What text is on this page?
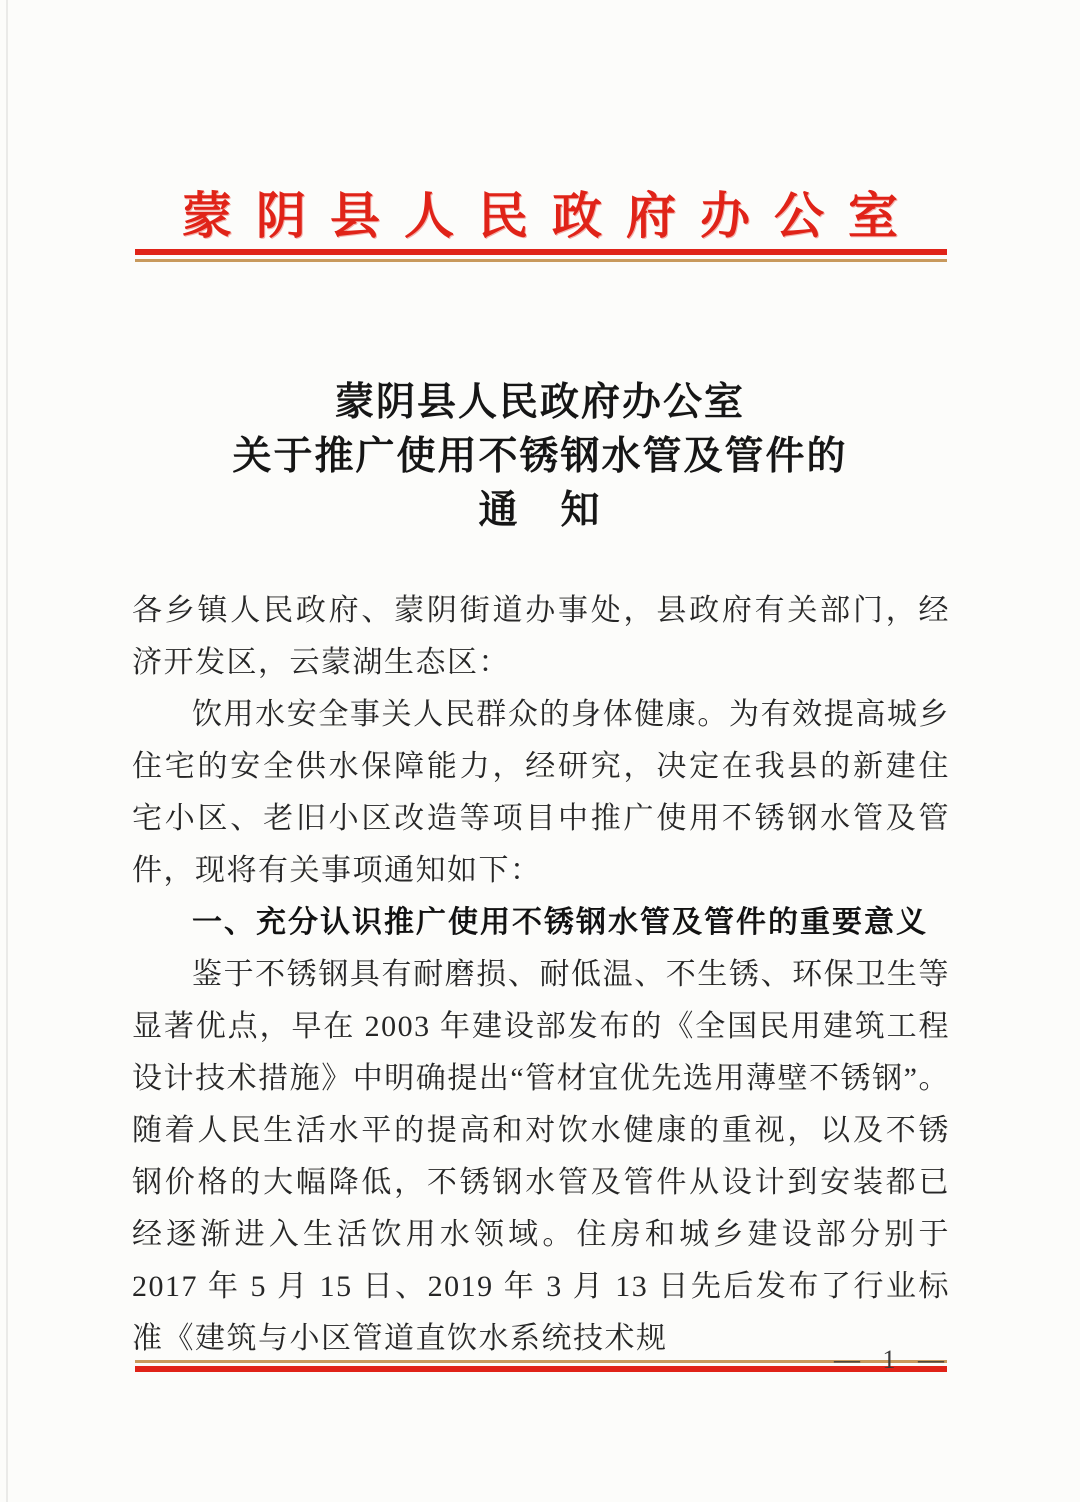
蒙阴县人民政府办公室
蒙阴县人民政府办公室
关于推广使用不锈钢水管及管件的
通　知

各乡镇人民政府、蒙阴街道办事处，县政府有关部门，经济开发区，云蒙湖生态区：

饮用水安全事关人民群众的身体健康。为有效提高城乡住宅的安全供水保障能力，经研究，决定在我县的新建住宅小区、老旧小区改造等项目中推广使用不锈钢水管及管件，现将有关事项通知如下：

一、充分认识推广使用不锈钢水管及管件的重要意义

鉴于不锈钢具有耐磨损、耐低温、不生锈、环保卫生等显著优点，早在 2003 年建设部发布的《全国民用建筑工程设计技术措施》中明确提出“管材宜优先选用薄壁不锈钢”。随着人民生活水平的提高和对饮水健康的重视，以及不锈钢价格的大幅降低，不锈钢水管及管件从设计到安装都已经逐渐进入生活饮用水领域。住房和城乡建设部分别于 2017 年 5 月 15 日、2019 年 3 月 13 日先后发布了行业标准《建筑与小区管道直饮水系统技术规

— 1 —
